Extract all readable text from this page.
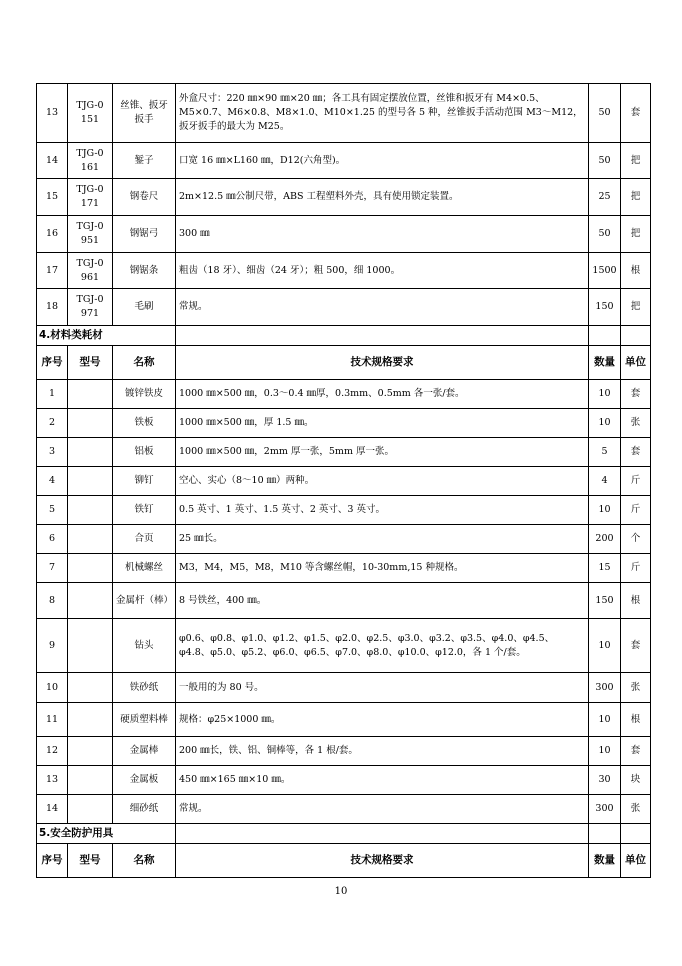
13	TJG-0 151	丝锥、扳牙扳手	外盒尺寸：220 ㎜×90 ㎜×20 ㎜；各工具有固定摆放位置，丝锥和扳牙有 M4×0.5、M5×0.7、M6×0.8、M8×1.0、M10×1.25 的型号各 5 种，丝锥扳手活动范围 M3～M12，扳牙扳手的最大为 M25。	50	套
14	TJG-0 161	錾子	口宽 16 ㎜×L160 ㎜，D12(六角型)。	50	把
15	TJG-0 171	钢卷尺	2m×12.5 ㎜公制尺带，ABS 工程塑料外壳，具有使用锁定装置。	25	把
16	TGJ-0 951	钢锯弓	300 ㎜	50	把
17	TGJ-0 961	钢锯条	粗齿（18 牙）、细齿（24 牙）；粗 500，细 1000。	1500	根
18	TGJ-0 971	毛刷	常规。	150	把
4.材料类耗材					
序号	型号	名称	技术规格要求	数量	单位
1		镀锌铁皮	1000 ㎜×500 ㎜，0.3～0.4 ㎜厚，0.3mm、0.5mm 各一张/套。	10	套
2		铁板	1000 ㎜×500 ㎜，厚 1.5 ㎜。	10	张
3		铝板	1000 ㎜×500 ㎜，2mm 厚一张，5mm 厚一张。	5	套
4		铆钉	空心、实心（8～10 ㎜）两种。	4	斤
5		铁钉	0.5 英寸、1 英寸、1.5 英寸、2 英寸、3 英寸。	10	斤
6		合页	25 ㎜长。	200	个
7		机械螺丝	M3，M4，M5，M8，M10 等含螺丝帽，10-30mm,15 种规格。	15	斤
8		金属杆（棒）	8 号铁丝，400 ㎜。	150	根
9		钻头	φ0.6、φ0.8、φ1.0、φ1.2、φ1.5、φ2.0、φ2.5、φ3.0、φ3.2、φ3.5、φ4.0、φ4.5、φ4.8、φ5.0、φ5.2、φ6.0、φ6.5、φ7.0、φ8.0、φ10.0、φ12.0，各 1 个/套。	10	套
10		铁砂纸	一般用的为 80 号。	300	张
11		硬质塑料棒	规格：φ25×1000 ㎜。	10	根
12		金属棒	200 ㎜长，铁、铝、铜棒等，各 1 根/套。	10	套
13		金属板	450 ㎜×165 ㎜×10 ㎜。	30	块
14		细砂纸	常规。	300	张
5.安全防护用具					
序号	型号	名称	技术规格要求	数量	单位
10
